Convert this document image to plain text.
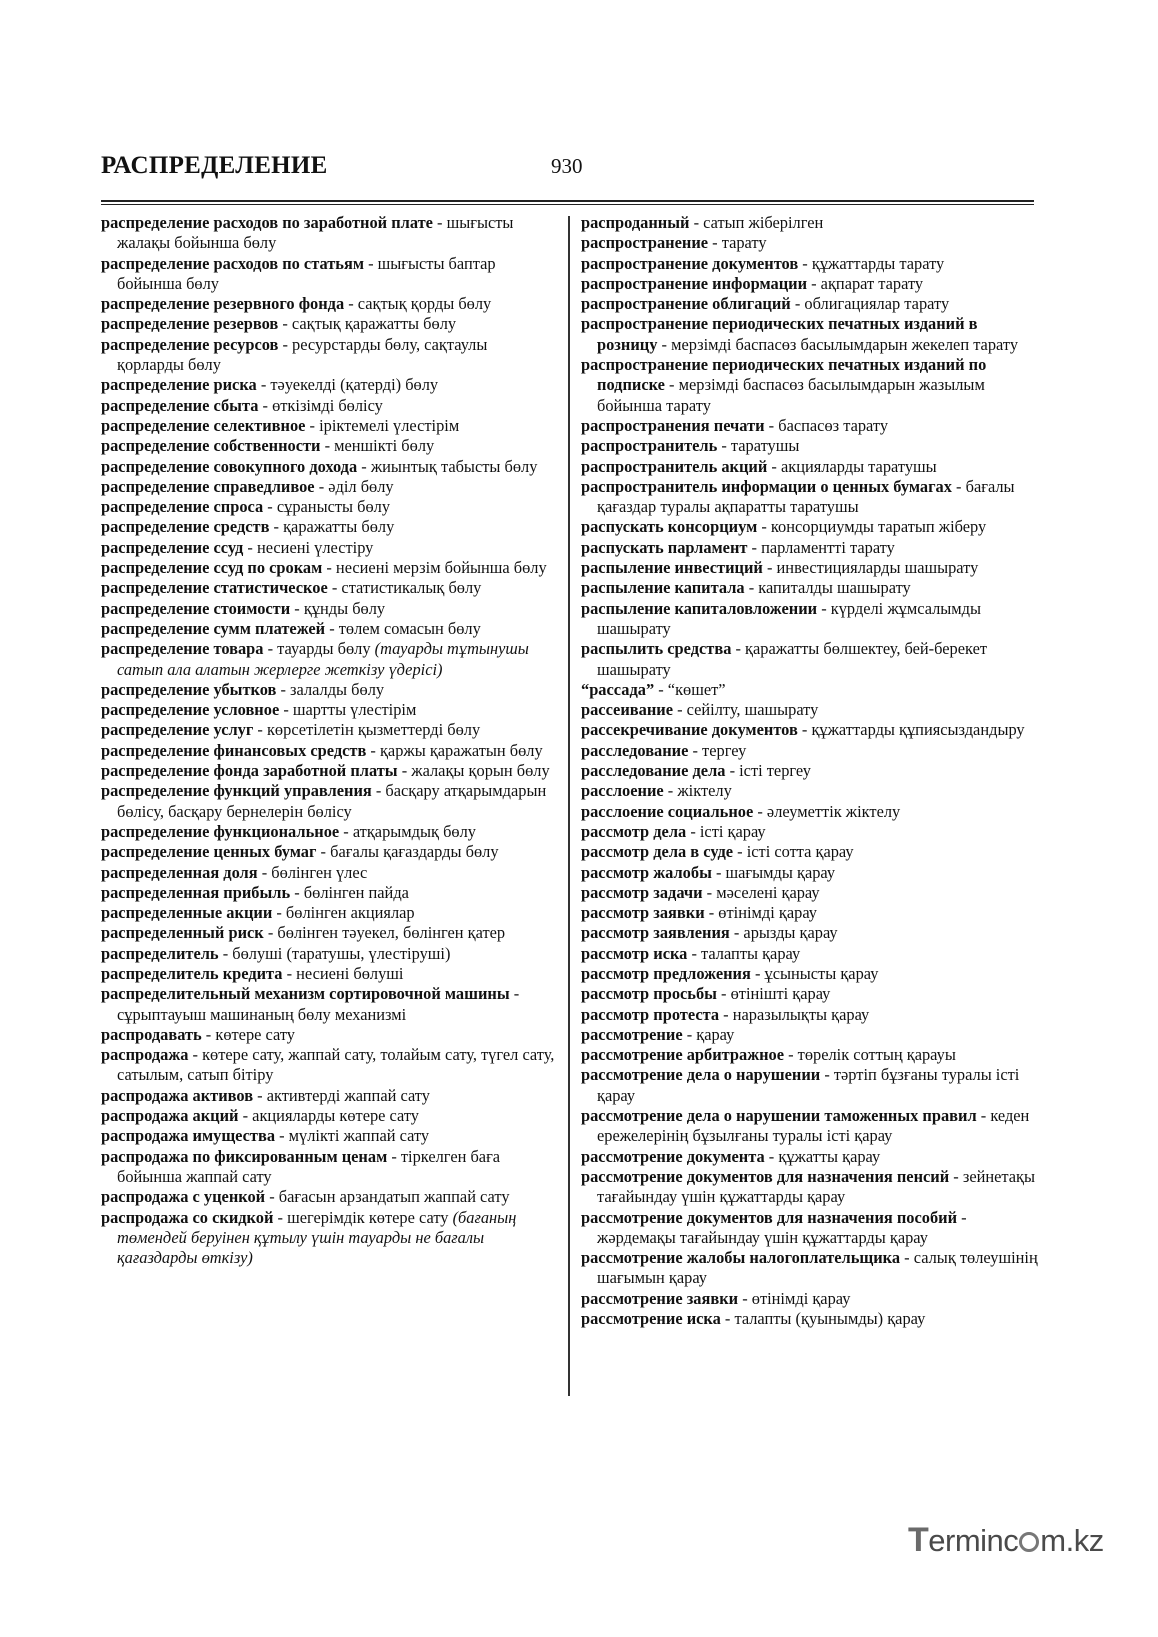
РАСПРЕДЕЛЕНИЕ	930
распределение расходов по заработной плате - шығысты жалақы бойынша бөлу
распределение расходов по статьям - шығысты баптар бойынша бөлу
распределение резервного фонда - сақтық қорды бөлу
распределение резервов - сақтық қаражатты бөлу
распределение ресурсов - ресурстарды бөлу, сақтаулы қорларды бөлу
распределение риска - тәуекелді (қатерді) бөлу
распределение сбыта - өткізімді бөлісу
распределение селективное - іріктемелі үлестірім
распределение собственности - меншікті бөлу
распределение совокупного дохода - жиынтық табысты бөлу
распределение справедливое - әділ бөлу
распределение спроса - сұранысты бөлу
распределение средств - қаражатты бөлу
распределение ссуд - несиені үлестіру
распределение ссуд по срокам - несиені мерзім бойынша бөлу
распределение статистическое - статистикалық бөлу
распределение стоимости - құнды бөлу
распределение сумм платежей - төлем сомасын бөлу
распределение товара - тауарды бөлу (тауарды тұтынушы сатып ала алатын жерлерге жеткізу үдерісі)
распределение убытков - залалды бөлу
распределение условное - шартты үлестірім
распределение услуг - көрсетілетін қызметтерді бөлу
распределение финансовых средств - қаржы қаражатын бөлу
распределение фонда заработной платы - жалақы қорын бөлу
распределение функций управления - басқару атқарымдарын бөлісу, басқару бернелерін бөлісу
распределение функциональное - атқарымдық бөлу
распределение ценных бумаг - бағалы қағаздарды бөлу
распределенная доля - бөлінген үлес
распределенная прибыль - бөлінген пайда
распределенные акции - бөлінген акциялар
распределенный риск - бөлінген тәуекел, бөлінген қатер
распределитель - бөлуші (таратушы, үлестіруші)
распределитель кредита - несиені бөлуші
распределительный механизм сортировочной машины - сұрыптауыш машинаның бөлу механизмі
распродавать - көтере сату
распродажа - көтере сату, жаппай сату, толайым сату, түгел сату, сатылым, сатып бітіру
распродажа активов - активтерді жаппай сату
распродажа акций - акцияларды көтере сату
распродажа имущества - мүлікті жаппай сату
распродажа по фиксированным ценам - тіркелген баға бойынша жаппай сату
распродажа с уценкой - бағасын арзандатып жаппай сату
распродажа со скидкой - шегерімдік көтере сату (бағаның төмендей беруінен құтылу үшін тауарды не бағалы қағаздарды өткізу)
распроданный - сатып жіберілген
распространение - тарату
распространение документов - құжаттарды тарату
распространение информации - ақпарат тарату
распространение облигаций - облигациялар тарату
распространение периодических печатных изданий в розницу - мерзімді баспасөз басылымдарын жекелеп тарату
распространение периодических печатных изданий по подписке - мерзімді баспасөз басылымдарын жазылым бойынша тарату
распространения печати - баспасөз тарату
распространитель - таратушы
распространитель акций - акцияларды таратушы
распространитель информации о ценных бумагах - бағалы қағаздар туралы ақпаратты таратушы
распускать консорциум - консорциумды таратып жіберу
распускать парламент - парламентті тарату
распыление инвестиций - инвестицияларды шашырату
распыление капитала - капиталды шашырату
распыление капиталовложении - күрделі жұмсалымды шашырату
распылить средства - қаражатты бөлшектеу, бей-берекет шашырату
“рассада” - “көшет”
рассеивание - сейілту, шашырату
рассекречивание документов - құжаттарды құпиясыздандыру
расследование - тергеу
расследование дела - істі тергеу
расслоение - жіктелу
расслоение социальное - әлеуметтік жіктелу
рассмотр дела - істі қарау
рассмотр дела в суде - істі сотта қарау
рассмотр жалобы - шағымды қарау
рассмотр задачи - мәселені қарау
рассмотр заявки - өтінімді қарау
рассмотр заявления - арызды қарау
рассмотр иска - талапты қарау
рассмотр предложения - ұсынысты қарау
рассмотр просьбы - өтінішті қарау
рассмотр протеста - наразылықты қарау
рассмотрение - қарау
рассмотрение арбитражное - төрелік соттың қарауы
рассмотрение дела о нарушении - тәртіп бұзғаны туралы істі қарау
рассмотрение дела о нарушении таможенных правил - кеден ережелерінің бұзылғаны туралы істі қарау
рассмотрение документа - құжатты қарау
рассмотрение документов для назначения пенсий - зейнетақы тағайындау үшін құжаттарды қарау
рассмотрение документов для назначения пособий - жәрдемақы тағайындау үшін құжаттарды қарау
рассмотрение жалобы налогоплательщика - салық төлеушінің шағымын қарау
рассмотрение заявки - өтінімді қарау
рассмотрение иска - талапты (қуынымды) қарау
Terminc m.kz
